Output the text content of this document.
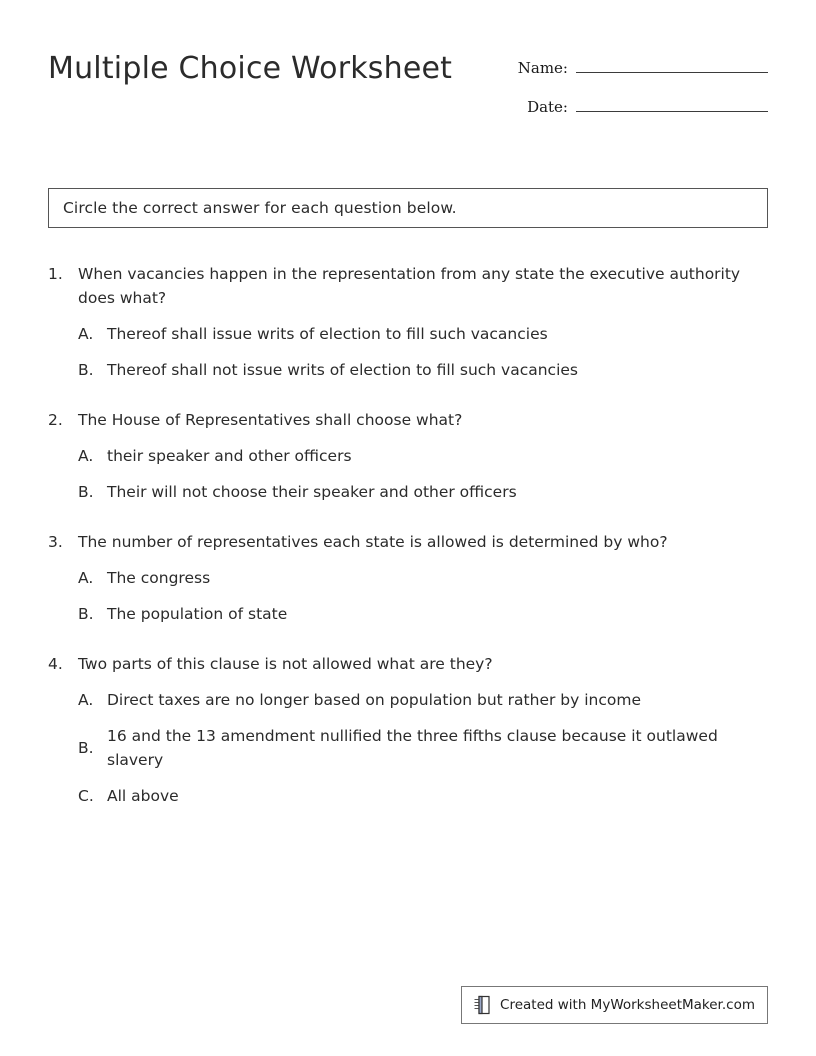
Multiple Choice Worksheet	Name:
Date:
Circle the correct answer for each question below.
1. When vacancies happen in the representation from any state the executive authority does what?
A. Thereof shall issue writs of election to fill such vacancies
B. Thereof shall not issue writs of election to fill such vacancies
2. The House of Representatives shall choose what?
A. their speaker and other officers
B. Their will not choose their speaker and other officers
3. The number of representatives each state is allowed is determined by who?
A. The congress
B. The population of state
4. Two parts of this clause is not allowed what are they?
A. Direct taxes are no longer based on population but rather by income
B.
16 and the 13 amendment nullified the three fifths clause because it outlawed slavery
C. All above
Created with MyWorksheetMaker.com
